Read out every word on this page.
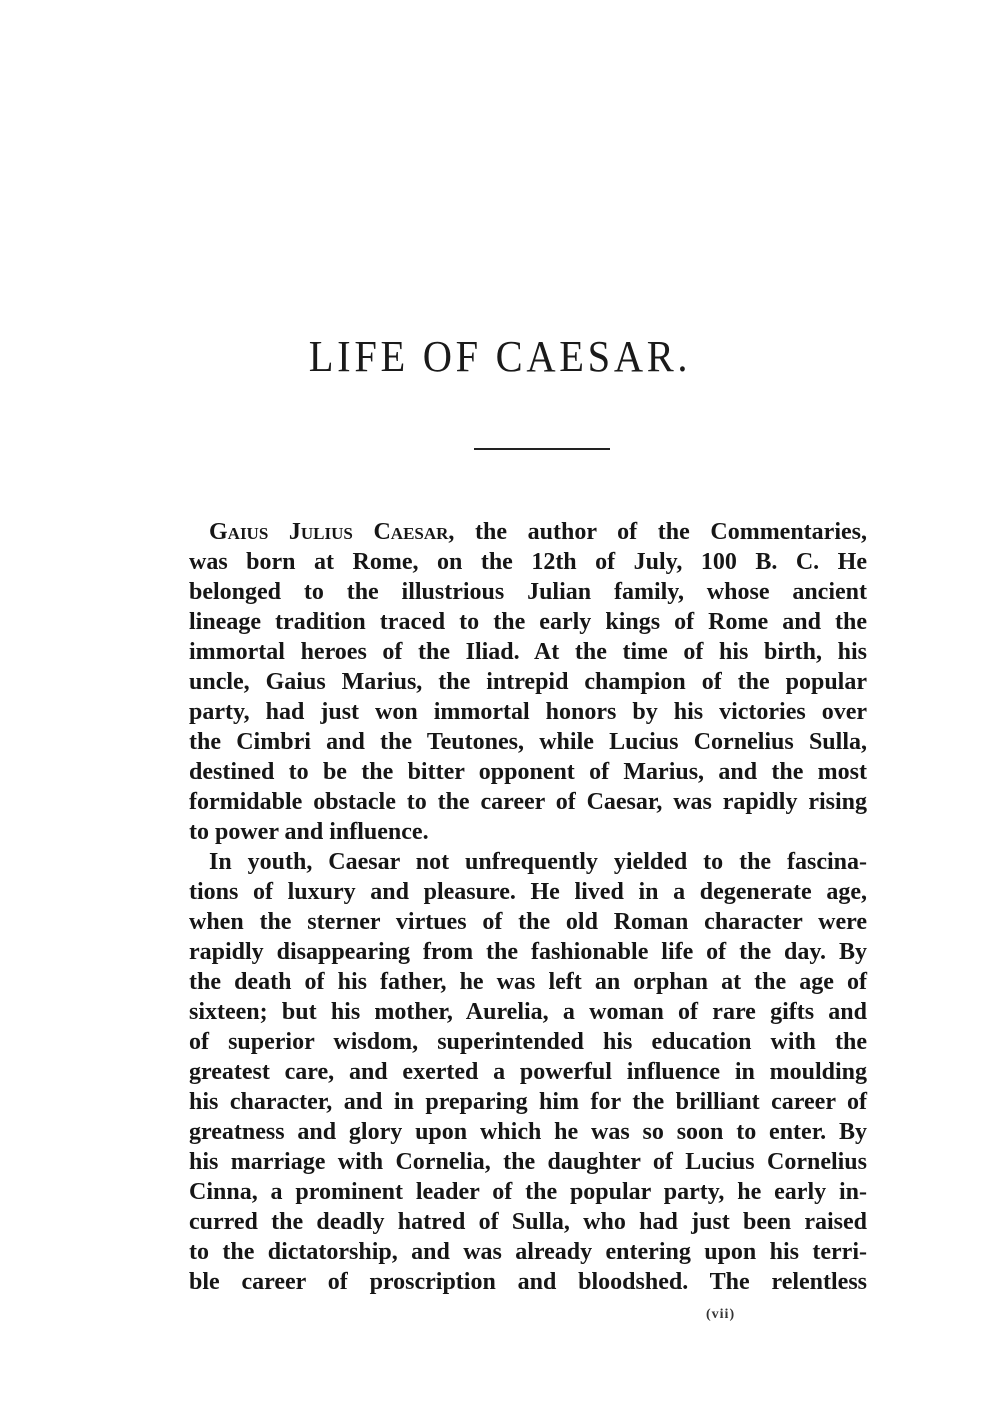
LIFE OF CAESAR.
Gaius Julius Caesar, the author of the Commentaries,
was born at Rome, on the 12th of July, 100 B. C. He
belonged to the illustrious Julian family, whose ancient
lineage tradition traced to the early kings of Rome and the
immortal heroes of the Iliad. At the time of his birth, his
uncle, Gaius Marius, the intrepid champion of the popular
party, had just won immortal honors by his victories over
the Cimbri and the Teutones, while Lucius Cornelius Sulla,
destined to be the bitter opponent of Marius, and the most
formidable obstacle to the career of Caesar, was rapidly rising
to power and influence.
In youth, Caesar not unfrequently yielded to the fascina-
tions of luxury and pleasure. He lived in a degenerate age,
when the sterner virtues of the old Roman character were
rapidly disappearing from the fashionable life of the day. By
the death of his father, he was left an orphan at the age of
sixteen; but his mother, Aurelia, a woman of rare gifts and
of superior wisdom, superintended his education with the
greatest care, and exerted a powerful influence in moulding
his character, and in preparing him for the brilliant career of
greatness and glory upon which he was so soon to enter. By
his marriage with Cornelia, the daughter of Lucius Cornelius
Cinna, a prominent leader of the popular party, he early in-
curred the deadly hatred of Sulla, who had just been raised
to the dictatorship, and was already entering upon his terri-
ble career of proscription and bloodshed. The relentless
(vii)
